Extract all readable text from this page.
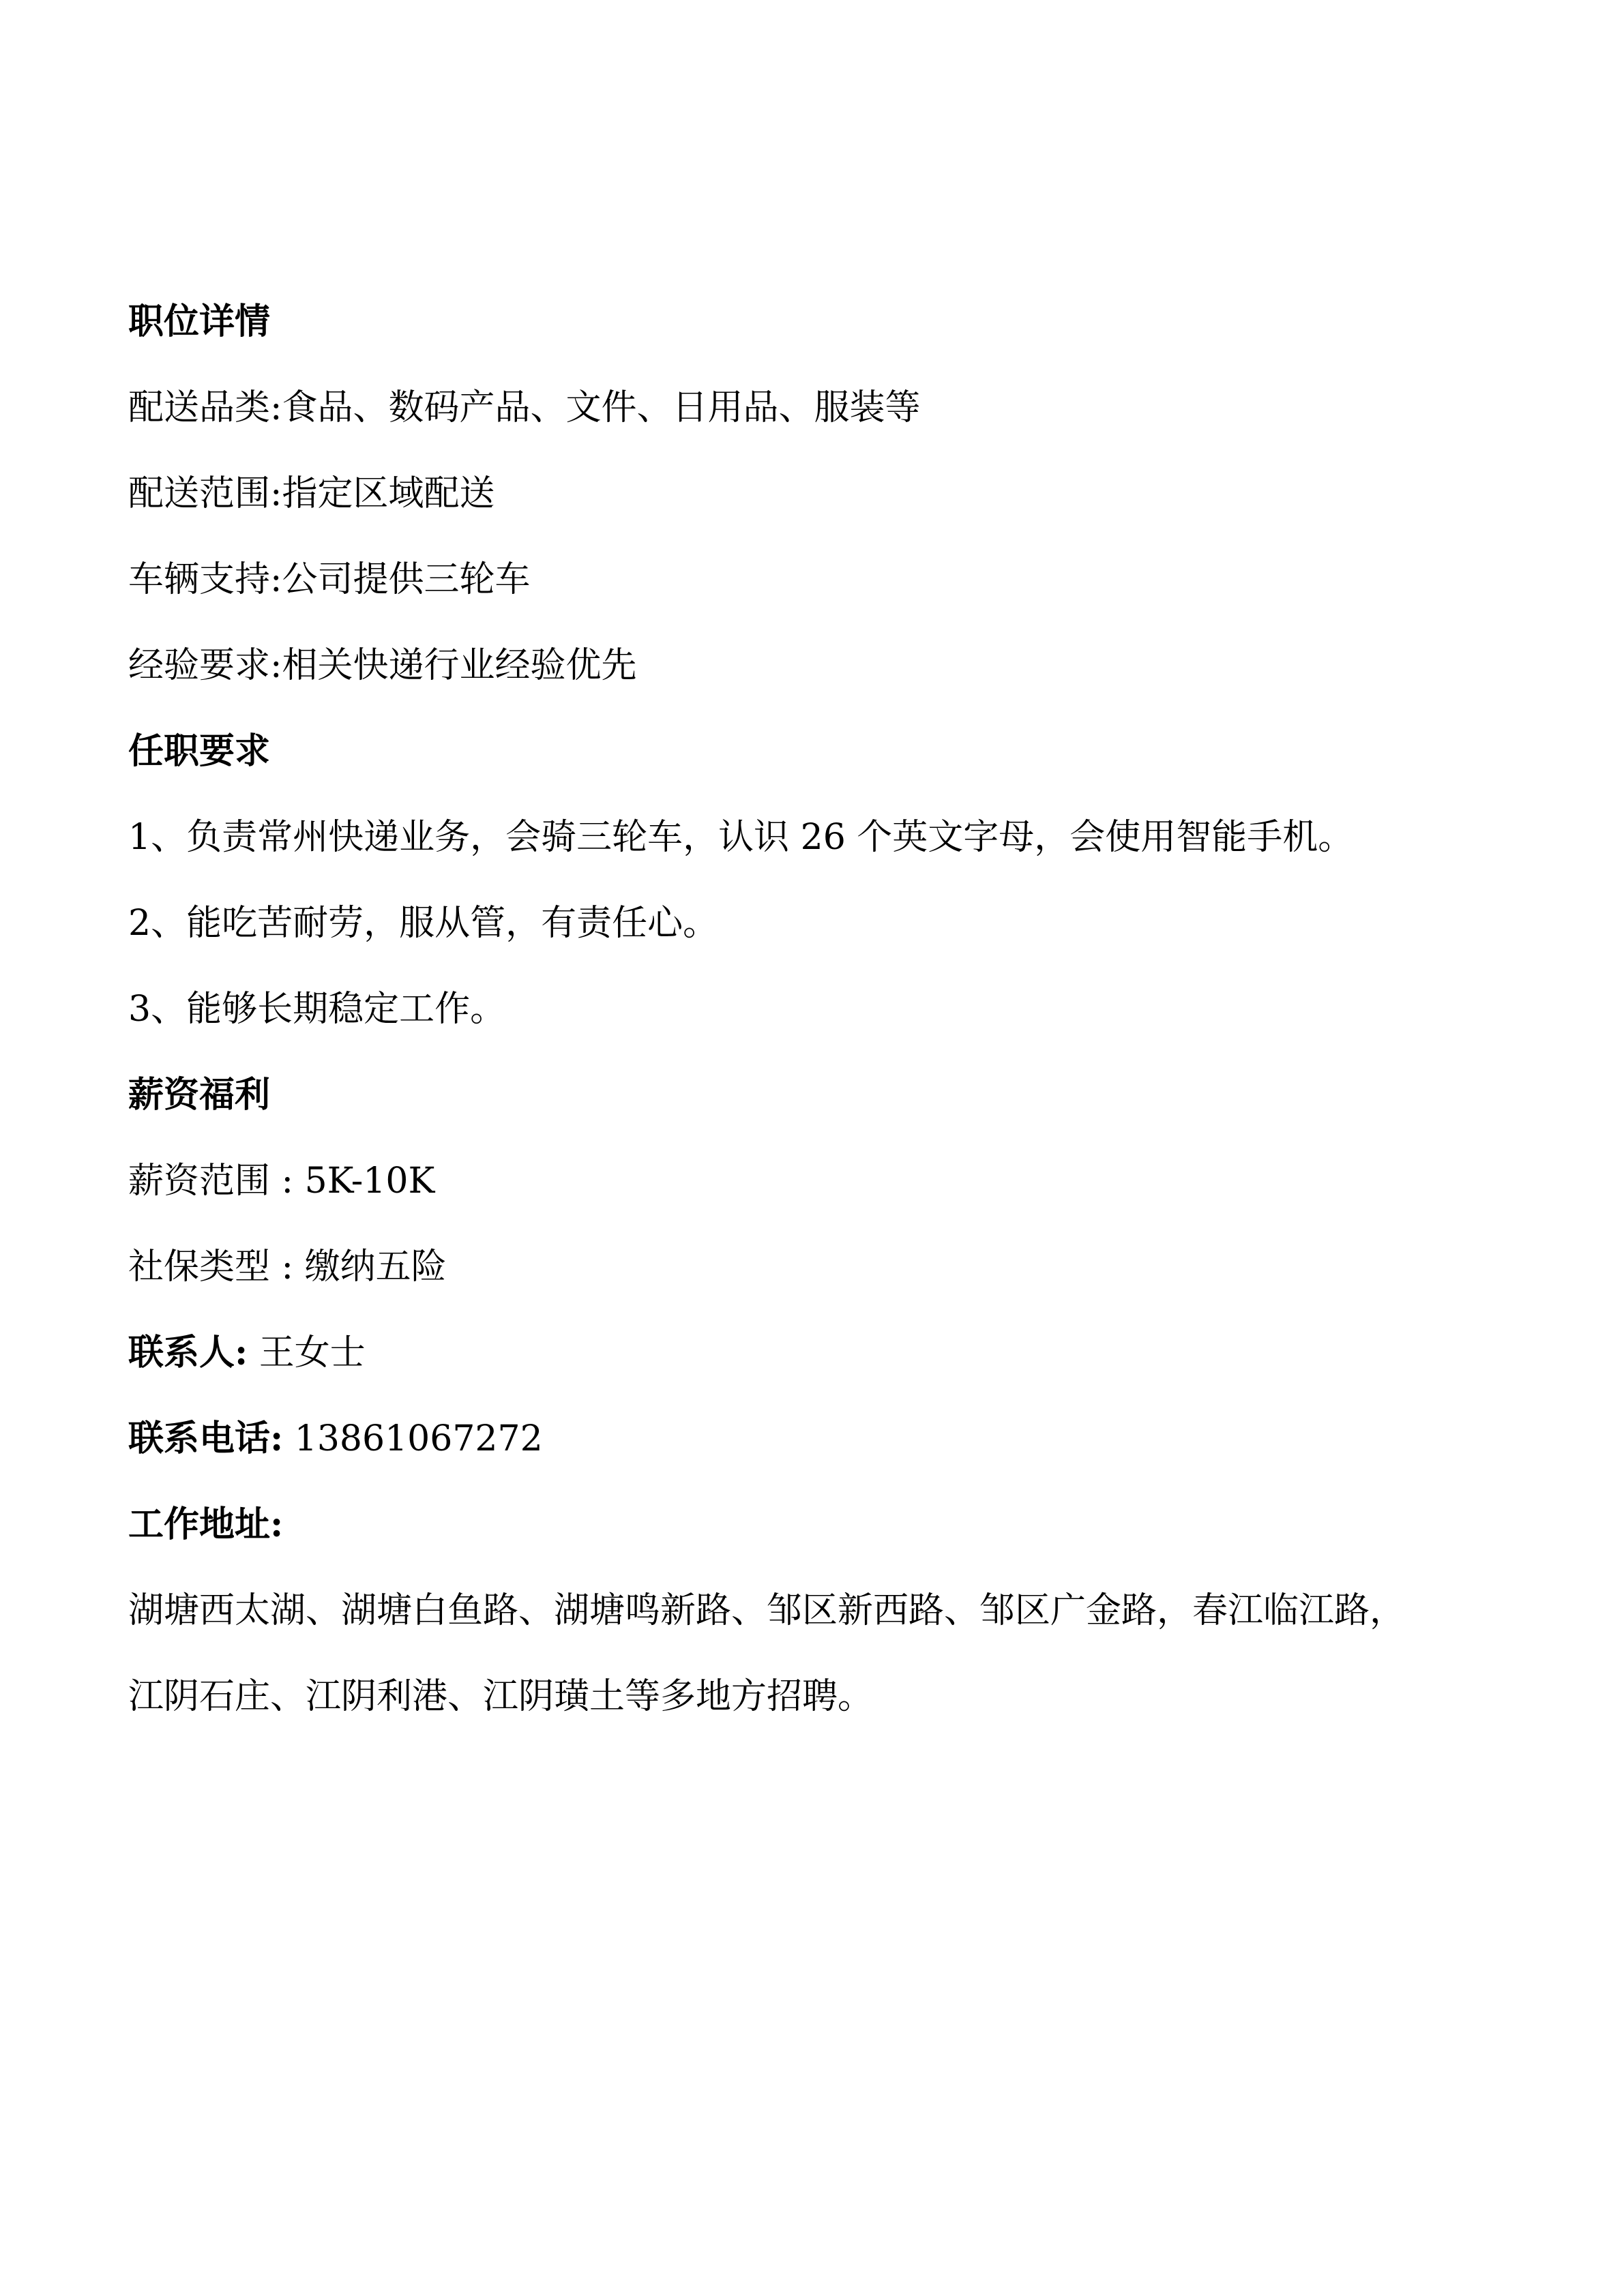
职位详情
配送品类:食品、数码产品、文件、日用品、服装等
配送范围:指定区域配送
车辆支持:公司提供三轮车
经验要求:相关快递行业经验优先
任职要求
1、负责常州快递业务，会骑三轮车，认识 26 个英文字母，会使用智能手机。
2、能吃苦耐劳，服从管，有责任心。
3、能够长期稳定工作。
薪资福利
薪资范围 : 5K-10K
社保类型 : 缴纳五险
联系人: 王女士
联系电话: 13861067272
工作地址:
湖塘西太湖、湖塘白鱼路、湖塘鸣新路、邹区新西路、邹区广金路，春江临江路，
江阴石庄、江阴利港、江阴璜土等多地方招聘。
